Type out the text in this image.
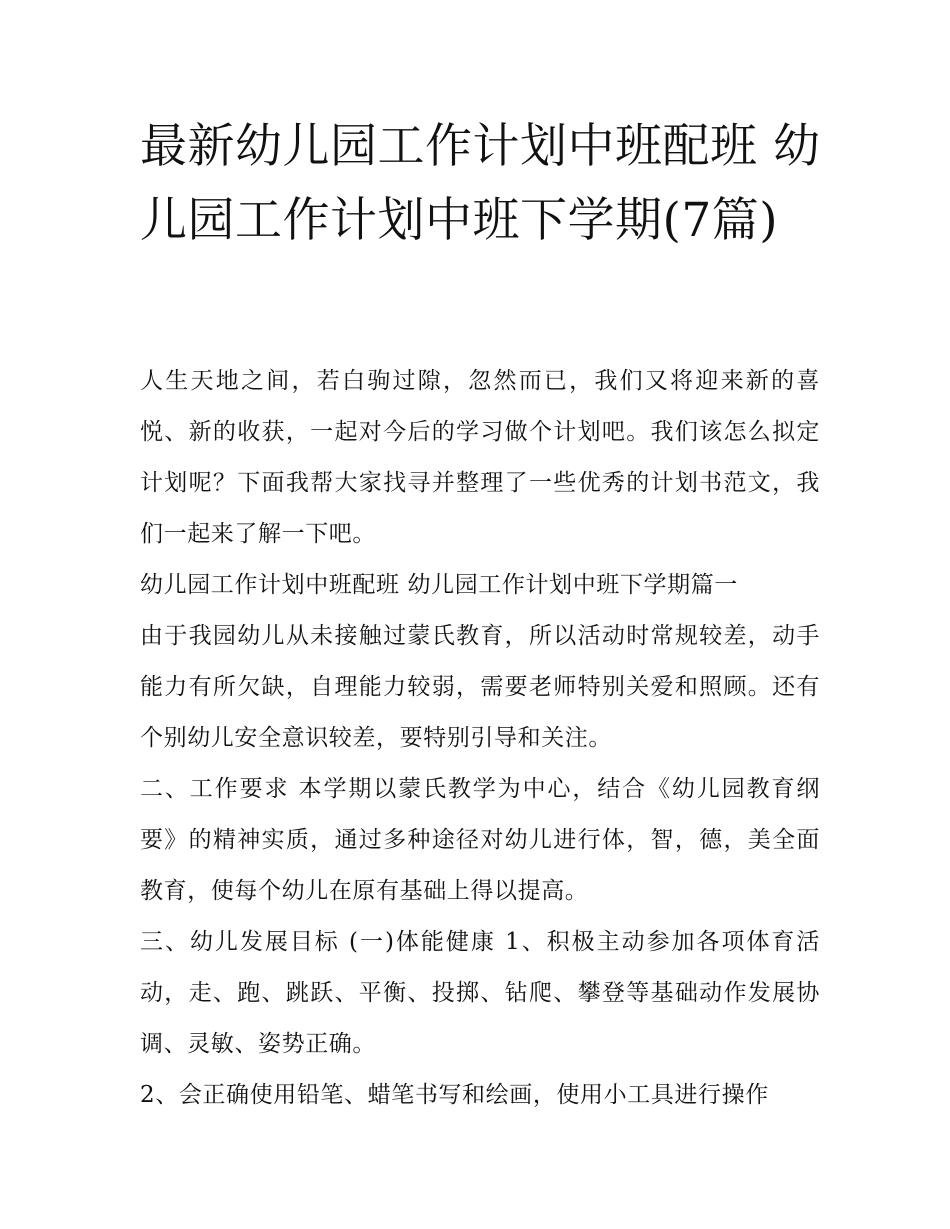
最新幼儿园工作计划中班配班 幼儿园工作计划中班下学期(7篇)

人生天地之间，若白驹过隙，忽然而已，我们又将迎来新的喜悦、新的收获，一起对今后的学习做个计划吧。我们该怎么拟定计划呢？下面我帮大家找寻并整理了一些优秀的计划书范文，我们一起来了解一下吧。

幼儿园工作计划中班配班 幼儿园工作计划中班下学期篇一

由于我园幼儿从未接触过蒙氏教育，所以活动时常规较差，动手能力有所欠缺，自理能力较弱，需要老师特别关爱和照顾。还有个别幼儿安全意识较差，要特别引导和关注。

二、工作要求 本学期以蒙氏教学为中心，结合《幼儿园教育纲要》的精神实质，通过多种途径对幼儿进行体，智，德，美全面教育，使每个幼儿在原有基础上得以提高。

三、幼儿发展目标 (一)体能健康 1、积极主动参加各项体育活动，走、跑、跳跃、平衡、投掷、钻爬、攀登等基础动作发展协调、灵敏、姿势正确。

2、会正确使用铅笔、蜡笔书写和绘画，使用小工具进行操作
